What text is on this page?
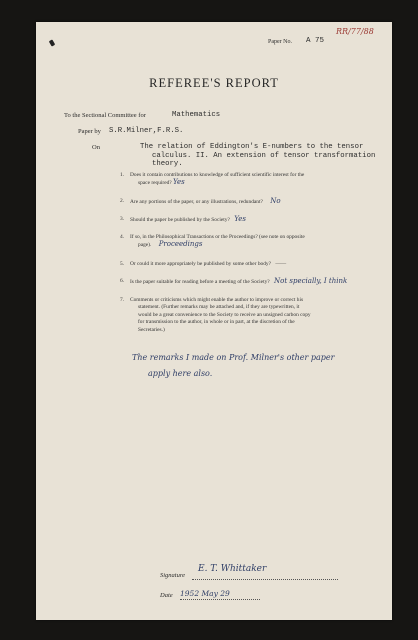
RR/77/88
Paper No. A 75
REFEREE'S REPORT
To the Sectional Committee for	Mathematics
Paper by S.R.Milner,F.R.S.
On	The relation of Eddington's E-numbers to the tensor
calculus. II. An extension of tensor transformation
theory.
1. Does it contain contributions to knowledge of sufficient scientific interest for the
space required? Yes
2. Are any portions of the paper, or any illustrations, redundant? No
3. Should the paper be published by the Society? Yes
4. If so, in the Philosophical Transactions or the Proceedings? (see note on opposite
page). Proceedings
5. Or could it more appropriately be published by some other body? ——
6. Is the paper suitable for reading before a meeting of the Society? Not specially, I think
7. Comments or criticisms which might enable the author to improve or correct his
statement. (Further remarks may be attached and, if they are typewritten, it
would be a great convenience to the Society to receive an unsigned carbon copy
for transmission to the author, in whole or in part, at the discretion of the
Secretaries.)
The remarks I made on Prof. Milner's other paper
apply here also.
Signature
E. T. Whittaker
Date 1952 May 29
